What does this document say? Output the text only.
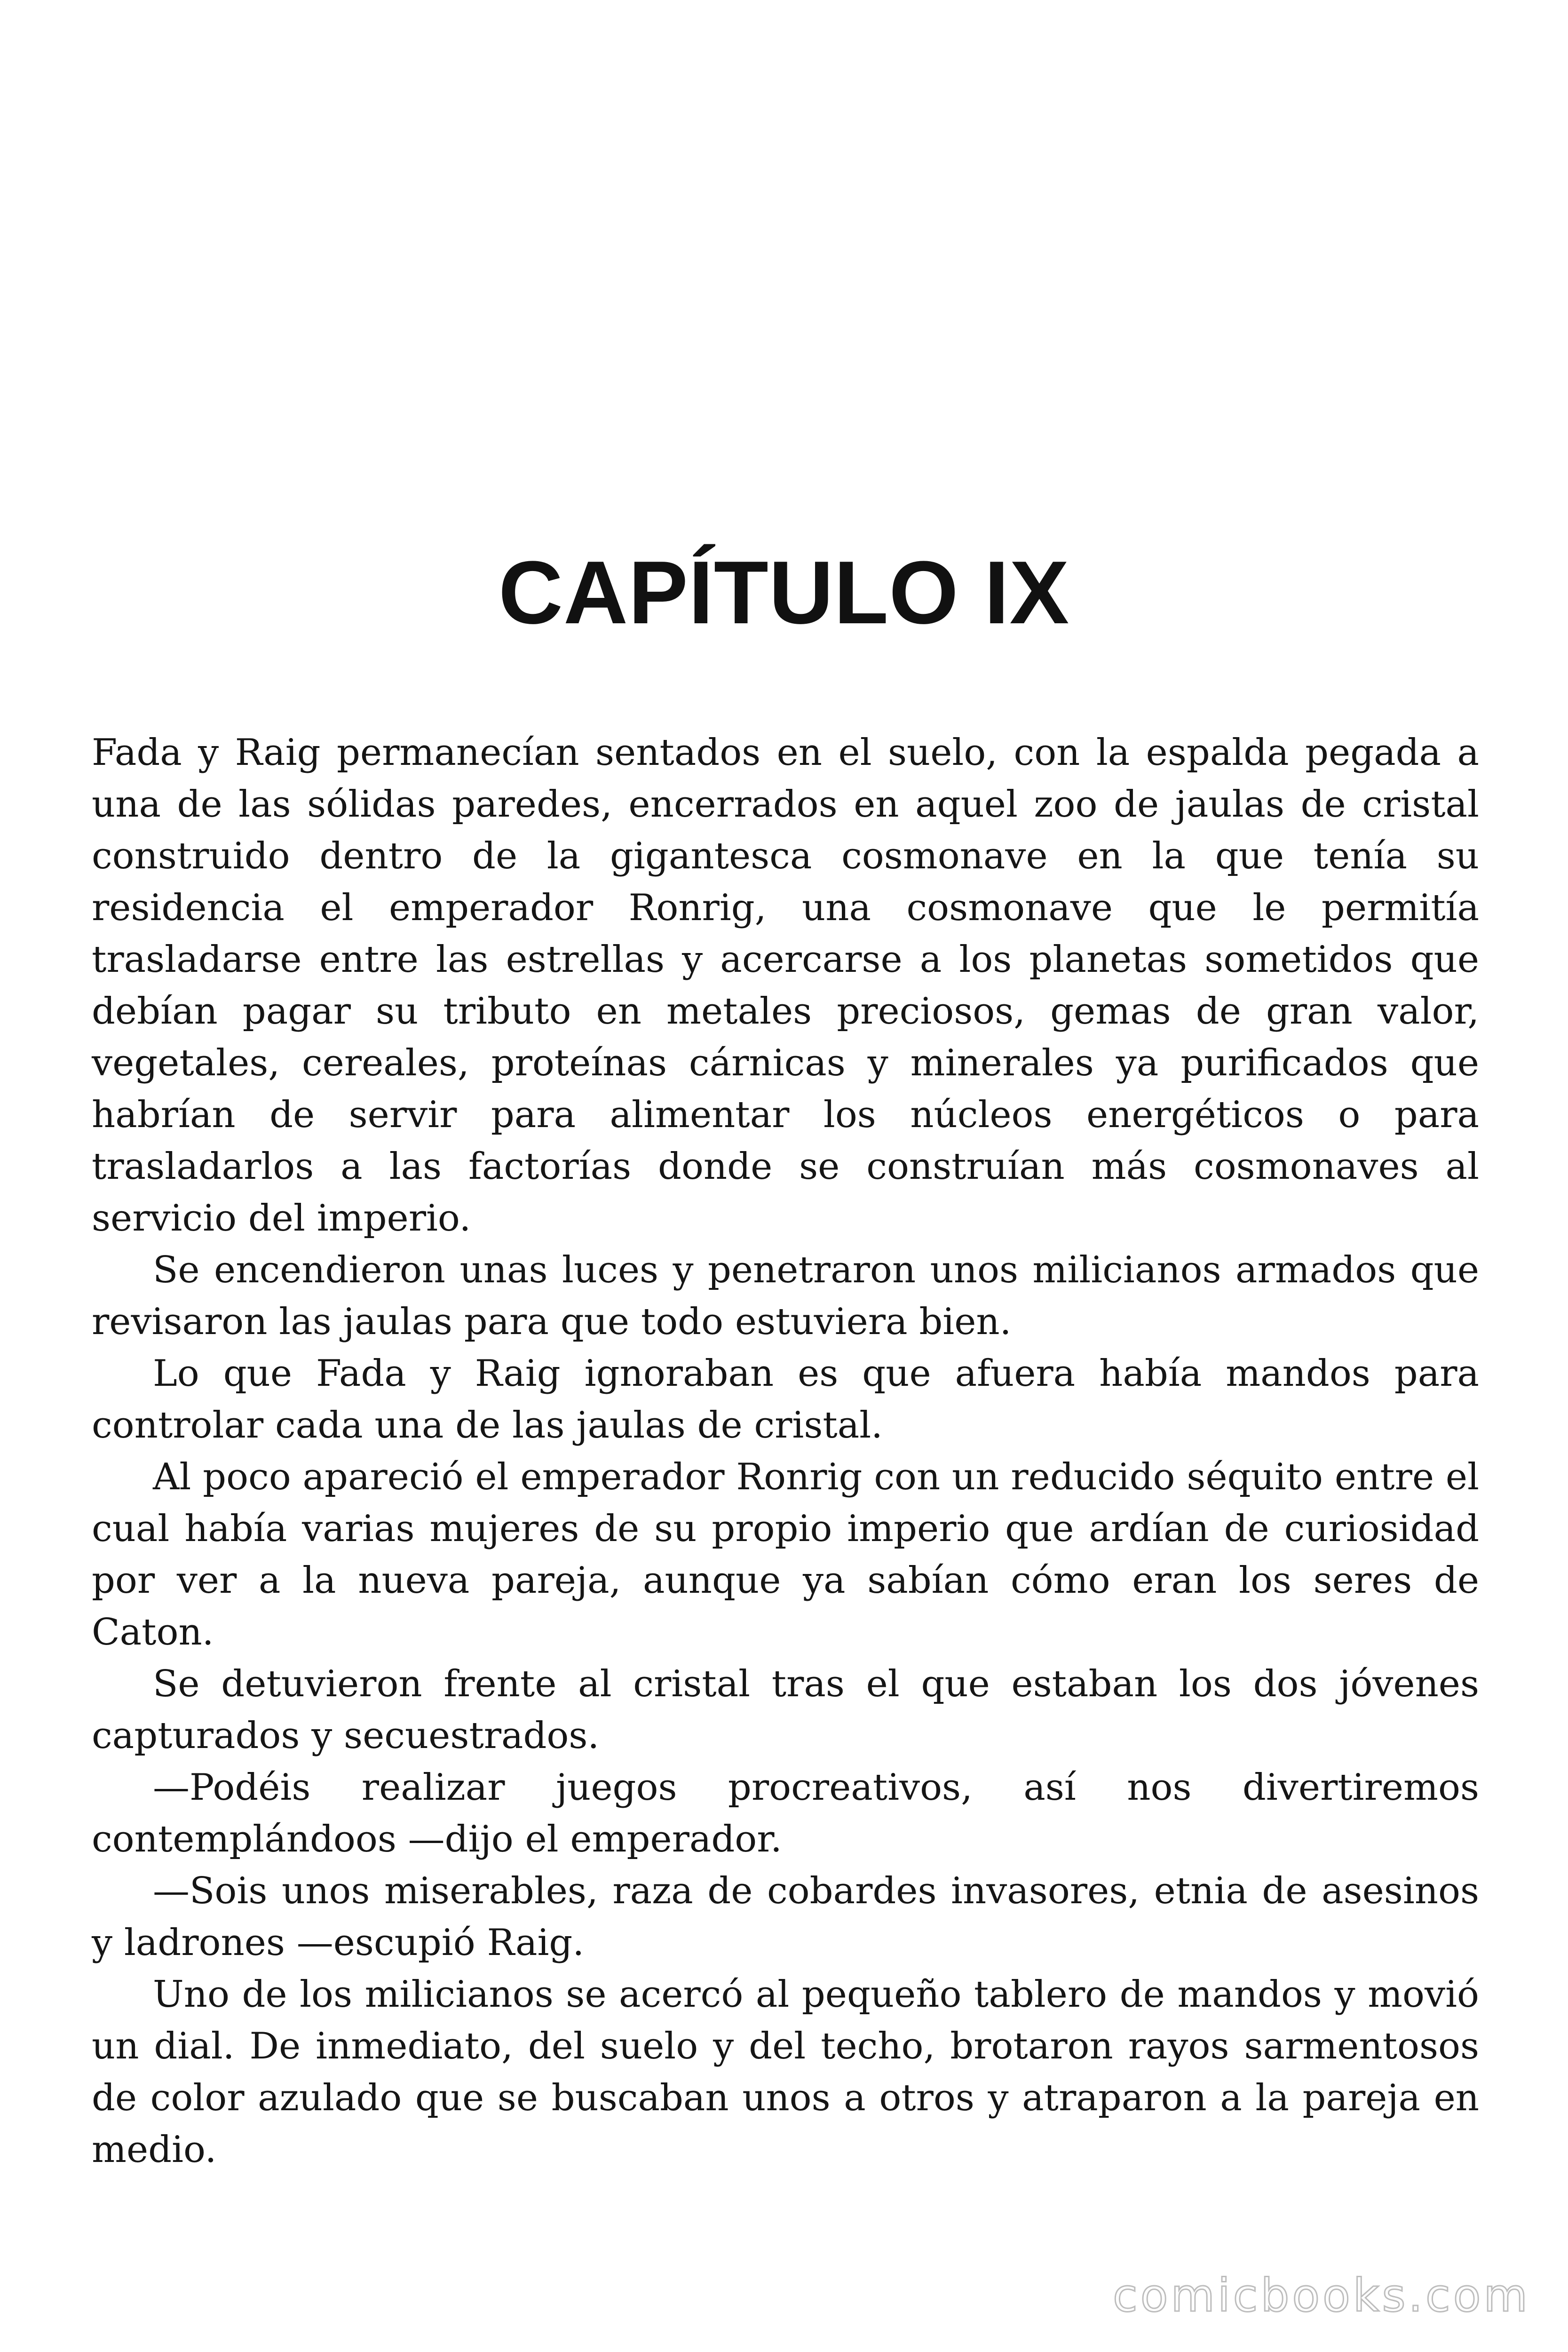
CAPÍTULO IX

Fada y Raig permanecían sentados en el suelo, con la espalda pegada a una de las sólidas paredes, encerrados en aquel zoo de jaulas de cristal construido dentro de la gigantesca cosmonave en la que tenía su residencia el emperador Ronrig, una cosmonave que le permitía trasladarse entre las estrellas y acercarse a los planetas sometidos que debían pagar su tributo en metales preciosos, gemas de gran valor, vegetales, cereales, proteínas cárnicas y minerales ya purificados que habrían de servir para alimentar los núcleos energéticos o para trasladarlos a las factorías donde se construían más cosmonaves al servicio del imperio.

Se encendieron unas luces y penetraron unos milicianos armados que revisaron las jaulas para que todo estuviera bien.

Lo que Fada y Raig ignoraban es que afuera había mandos para controlar cada una de las jaulas de cristal.

Al poco apareció el emperador Ronrig con un reducido séquito entre el cual había varias mujeres de su propio imperio que ardían de curiosidad por ver a la nueva pareja, aunque ya sabían cómo eran los seres de Caton.

Se detuvieron frente al cristal tras el que estaban los dos jóvenes capturados y secuestrados.

—Podéis realizar juegos procreativos, así nos divertiremos contemplándoos —dijo el emperador.

—Sois unos miserables, raza de cobardes invasores, etnia de asesinos y ladrones —escupió Raig.

Uno de los milicianos se acercó al pequeño tablero de mandos y movió un dial. De inmediato, del suelo y del techo, brotaron rayos sarmentosos de color azulado que se buscaban unos a otros y atraparon a la pareja en medio.

comicbooks.com
